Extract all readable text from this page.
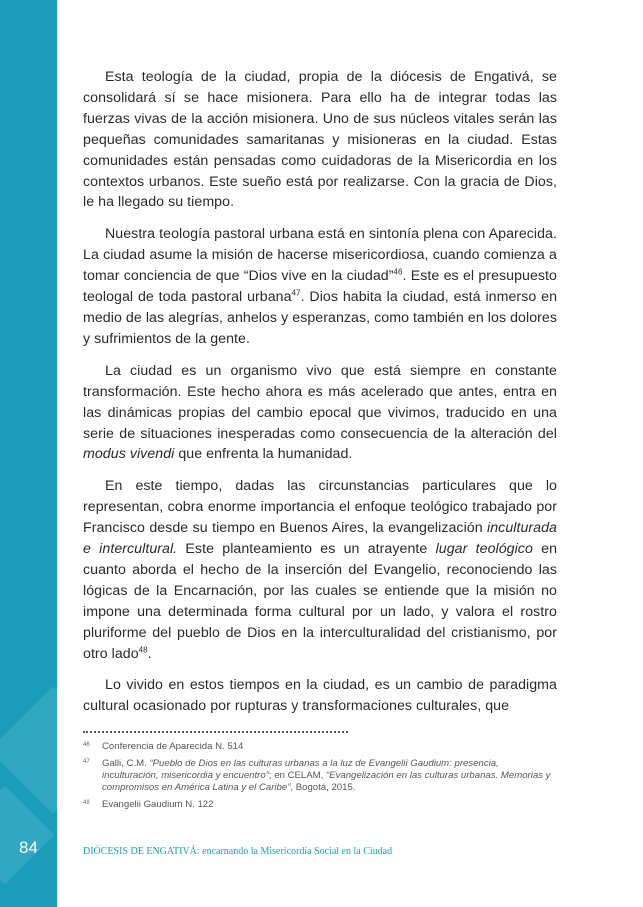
84

Esta teología de la ciudad, propia de la diócesis de Engativá, se consolidará sí se hace misionera. Para ello ha de integrar todas las fuerzas vivas de la acción misionera. Uno de sus núcleos vitales serán las pequeñas comunidades samaritanas y misioneras en la ciudad. Estas comunidades están pensadas como cuidadoras de la Misericordia en los contextos urbanos. Este sueño está por realizarse. Con la gracia de Dios, le ha llegado su tiempo.

Nuestra teología pastoral urbana está en sintonía plena con Aparecida. La ciudad asume la misión de hacerse misericordiosa, cuando comienza a tomar conciencia de que “Dios vive en la ciudad”$^{46}$. Este es el presupuesto teologal de toda pastoral urbana$^{47}$. Dios habita la ciudad, está inmerso en medio de las alegrías, anhelos y esperanzas, como también en los dolores y sufrimientos de la gente.

La ciudad es un organismo vivo que está siempre en constante transformación. Este hecho ahora es más acelerado que antes, entra en las dinámicas propias del cambio epocal que vivimos, traducido en una serie de situaciones inesperadas como consecuencia de la alteración del modus vivendi que enfrenta la humanidad.

En este tiempo, dadas las circunstancias particulares que lo representan, cobra enorme importancia el enfoque teológico trabajado por Francisco desde su tiempo en Buenos Aires, la evangelización inculturada e intercultural. Este planteamiento es un atrayente lugar teológico en cuanto aborda el hecho de la inserción del Evangelio, reconociendo las lógicas de la Encarnación, por las cuales se entiende que la misión no impone una determinada forma cultural por un lado, y valora el rostro pluriforme del pueblo de Dios en la interculturalidad del cristianismo, por otro lado$^{48}$.

Lo vivido en estos tiempos en la ciudad, es un cambio de paradigma cultural ocasionado por rupturas y transformaciones culturales, que

46	Conferencia de Aparecida N. 514
47	Galli, C.M. “Pueblo de Dios en las culturas urbanas a la luz de Evangelii Gaudium: presencia, inculturación, misericordia y encuentro”; en CELAM, “Evangelización en las culturas urbanas. Memorias y compromisos en América Latina y el Caribe”, Bogotá, 2015.
48	Evangelii Gaudium N. 122
DIÓCESIS DE ENGATIVÁ: encarnando la Misericordia Social en la Ciudad
